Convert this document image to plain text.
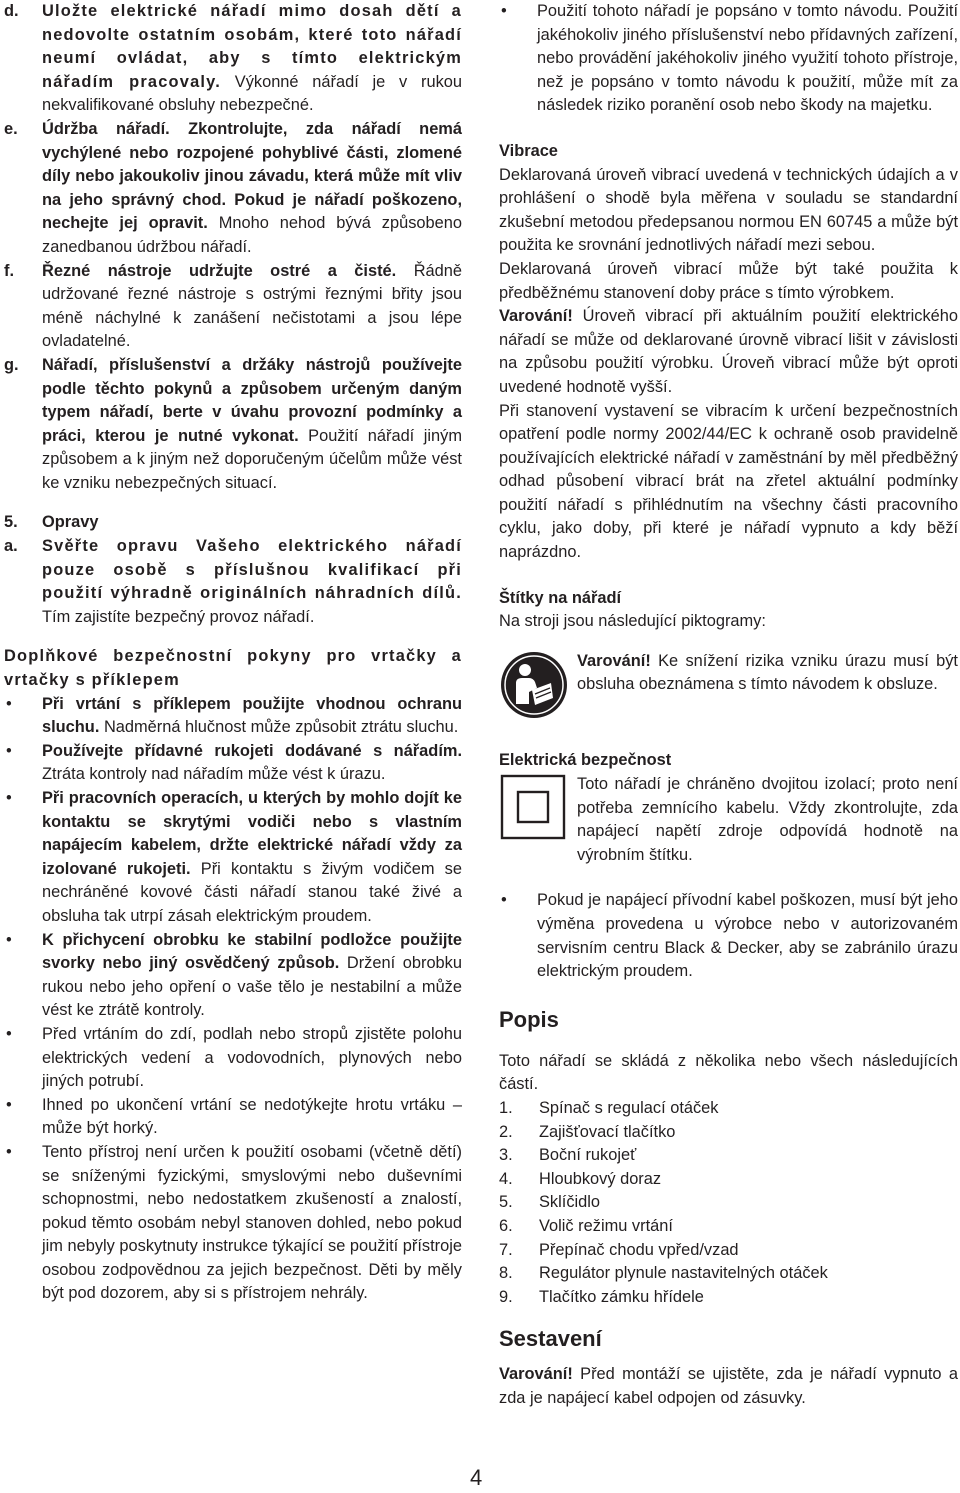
d.	Uložte elektrické nářadí mimo dosah dětí a nedovolte ostatním osobám, které toto nářadí neumí ovládat, aby s tímto elektrickým nářadím pracovaly. Výkonné nářadí je v rukou nekvalifikované obsluhy nebezpečné.
e.	Údržba nářadí. Zkontrolujte, zda nářadí nemá vychýlené nebo rozpojené pohyblivé části, zlomené díly nebo jakoukoliv jinou závadu, která může mít vliv na jeho správný chod. Pokud je nářadí poškozeno, nechejte jej opravit. Mnoho nehod bývá způsobeno zanedbanou údržbou nářadí.
f.	Řezné nástroje udržujte ostré a čisté. Řádně udržované řezné nástroje s ostrými řeznými břity jsou méně náchylné k zanášení nečistotami a jsou lépe ovladatelné.
g.	Nářadí, příslušenství a držáky nástrojů používejte podle těchto pokynů a způsobem určeným daným typem nářadí, berte v úvahu provozní podmínky a práci, kterou je nutné vykonat. Použití nářadí jiným způsobem a k jiným než doporučeným účelům může vést ke vzniku nebezpečných situací.
5.	Opravy
a.	Svěřte opravu Vašeho elektrického nářadí pouze osobě s příslušnou kvalifikací při použití výhradně originálních náhradních dílů. Tím zajistíte bezpečný provoz nářadí.

Doplňkové bezpečnostní pokyny pro vrtačky a vrtačky s příklepem

•	Při vrtání s příklepem použijte vhodnou ochranu sluchu. Nadměrná hlučnost může způsobit ztrátu sluchu.
•	Používejte přídavné rukojeti dodávané s nářadím. Ztráta kontroly nad nářadím může vést k úrazu.
•	Při pracovních operacích, u kterých by mohlo dojít ke kontaktu se skrytými vodiči nebo s vlastním napájecím kabelem, držte elektrické nářadí vždy za izolované rukojeti. Při kontaktu s živým vodičem se nechráněné kovové části nářadí stanou také živé a obsluha tak utrpí zásah elektrickým proudem.
•	K přichycení obrobku ke stabilní podložce použijte svorky nebo jiný osvědčený způsob. Držení obrobku rukou nebo jeho opření o vaše tělo je nestabilní a může vést ke ztrátě kontroly.
•	Před vrtáním do zdí, podlah nebo stropů zjistěte polohu elektrických vedení a vodovodních, plynových nebo jiných potrubí.
•	Ihned po ukončení vrtání se nedotýkejte hrotu vrtáku – může být horký.
•	Tento přístroj není určen k použití osobami (včetně dětí) se sníženými fyzickými, smyslovými nebo duševními schopnostmi, nebo nedostatkem zkušeností a znalostí, pokud těmto osobám nebyl stanoven dohled, nebo pokud jim nebyly poskytnuty instrukce týkající se použití přístroje osobou zodpovědnou za jejich bezpečnost. Děti by měly být pod dozorem, aby si s přístrojem nehrály.
•	Použití tohoto nářadí je popsáno v tomto návodu. Použití jakéhokoliv jiného příslušenství nebo přídavných zařízení, nebo provádění jakéhokoliv jiného využití tohoto přístroje, než je popsáno v tomto návodu k použití, může mít za následek riziko poranění osob nebo škody na majetku.

Vibrace

Deklarovaná úroveň vibrací uvedená v technických údajích a v prohlášení o shodě byla měřena v souladu se standardní zkušební metodou předepsanou normou EN 60745 a může být použita ke srovnání jednotlivých nářadí mezi sebou.

Deklarovaná úroveň vibrací může být také použita k předběžnému stanovení doby práce s tímto výrobkem.

Varování! Úroveň vibrací při aktuálním použití elektrického nářadí se může od deklarované úrovně vibrací lišit v závislosti na způsobu použití výrobku. Úroveň vibrací může být oproti uvedené hodnotě vyšší.

Při stanovení vystavení se vibracím k určení bezpečnostních opatření podle normy 2002/44/EC k ochraně osob pravidelně používajících elektrické nářadí v zaměstnání by měl předběžný odhad působení vibrací brát na zřetel aktuální podmínky použití nářadí s přihlédnutím na všechny části pracovního cyklu, jako doby, při které je nářadí vypnuto a kdy běží naprázdno.

Štítky na nářadí

Na stroji jsou následující piktogramy:

Varování! Ke snížení rizika vzniku úrazu musí být obsluha obeznámena s tímto návodem k obsluze.

Elektrická bezpečnost

Toto nářadí je chráněno dvojitou izolací; proto není potřeba zemnícího kabelu. Vždy zkontrolujte, zda napájecí napětí zdroje odpovídá hodnotě na výrobním štítku.

•	Pokud je napájecí přívodní kabel poškozen, musí být jeho výměna provedena u výrobce nebo v autorizovaném servisním centru Black & Decker, aby se zabránilo úrazu elektrickým proudem.

Popis

Toto nářadí se skládá z několika nebo všech následujících částí.

1.	Spínač s regulací otáček
2.	Zajišťovací tlačítko
3.	Boční rukojeť
4.	Hloubkový doraz
5.	Sklíčidlo
6.	Volič režimu vrtání
7.	Přepínač chodu vpřed/vzad
8.	Regulátor plynule nastavitelných otáček
9.	Tlačítko zámku hřídele

Sestavení

Varování! Před montáží se ujistěte, zda je nářadí vypnuto a zda je napájecí kabel odpojen od zásuvky.

4
